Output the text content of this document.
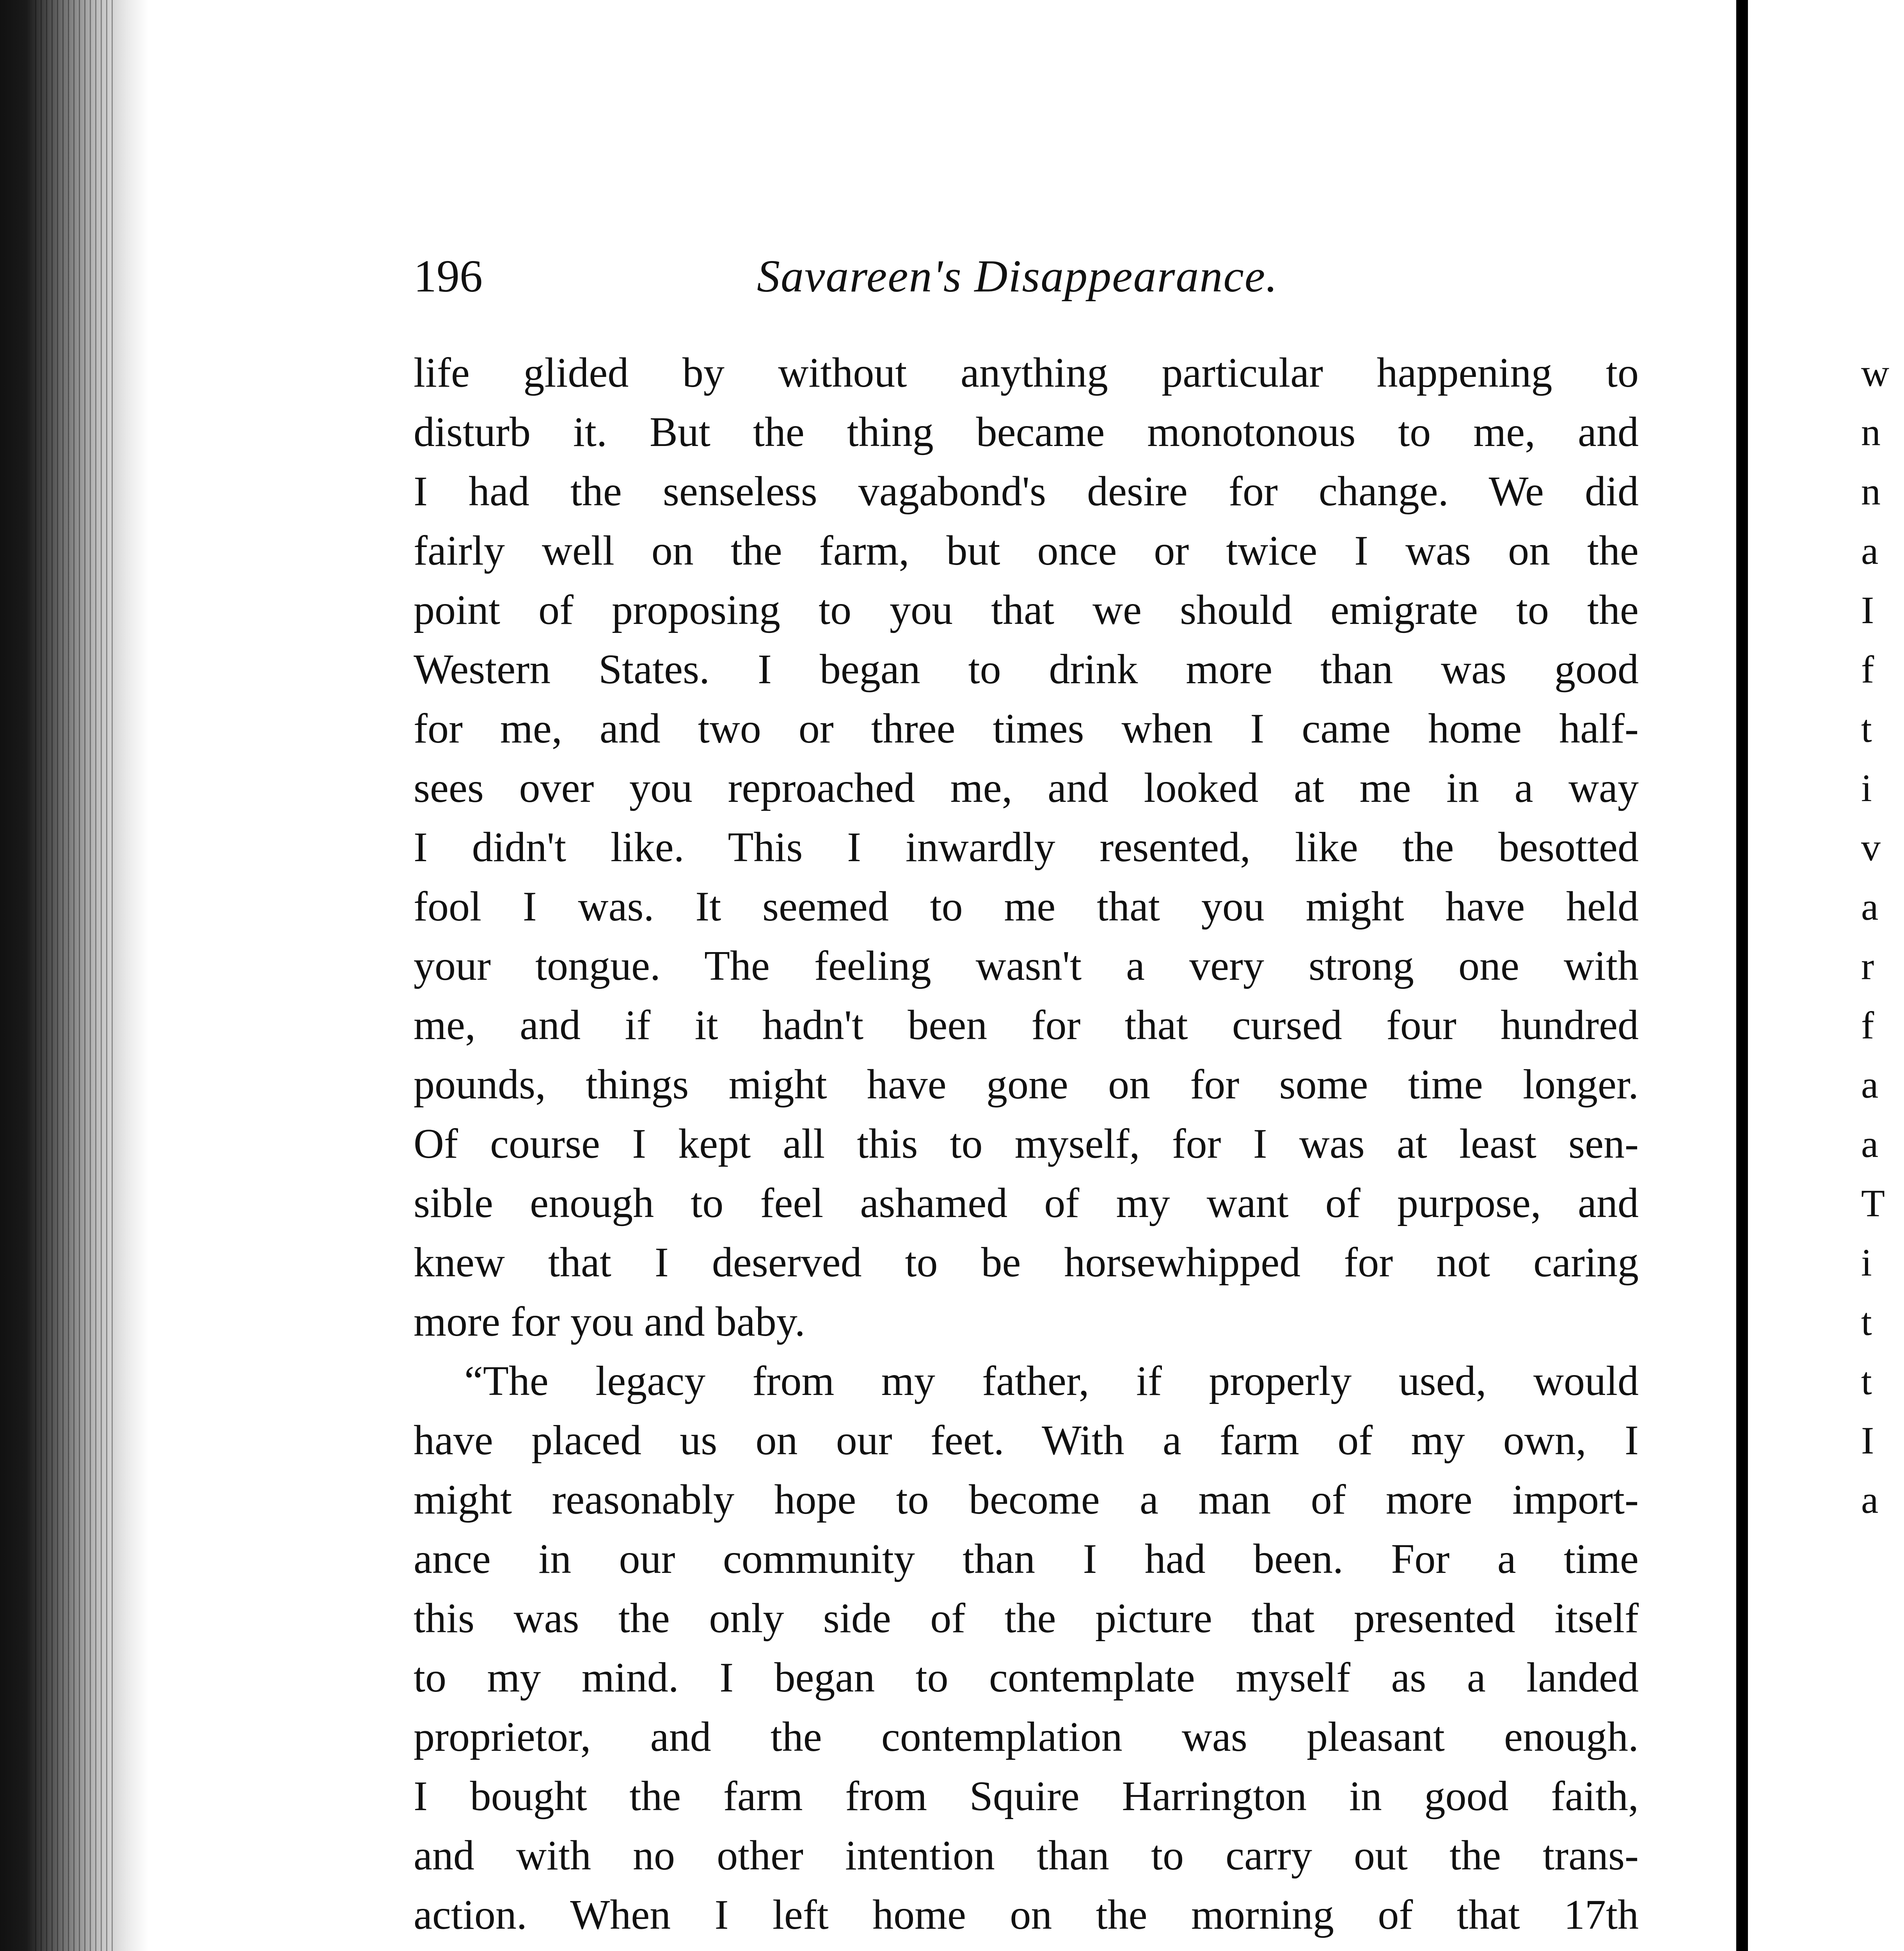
196	Savareen's Disappearance.
life glided by without anything particular happening to
disturb it. But the thing became monotonous to me, and
I had the senseless vagabond's desire for change. We did
fairly well on the farm, but once or twice I was on the
point of proposing to you that we should emigrate to the
Western States. I began to drink more than was good
for me, and two or three times when I came home half-
sees over you reproached me, and looked at me in a way
I didn't like. This I inwardly resented, like the besotted
fool I was. It seemed to me that you might have held
your tongue. The feeling wasn't a very strong one with
me, and if it hadn't been for that cursed four hundred
pounds, things might have gone on for some time longer.
Of course I kept all this to myself, for I was at least sen-
sible enough to feel ashamed of my want of purpose, and
knew that I deserved to be horsewhipped for not caring
more for you and baby.
“The legacy from my father, if properly used, would
have placed us on our feet. With a farm of my own, I
might reasonably hope to become a man of more import-
ance in our community than I had been. For a time
this was the only side of the picture that presented itself
to my mind. I began to contemplate myself as a landed
proprietor, and the contemplation was pleasant enough.
I bought the farm from Squire Harrington in good faith,
and with no other intention than to carry out the trans-
action. When I left home on the morning of that 17th
w
n
n
a
I
f
t
i
v
a
r
f
a
a
T
i
t
t
I
a
